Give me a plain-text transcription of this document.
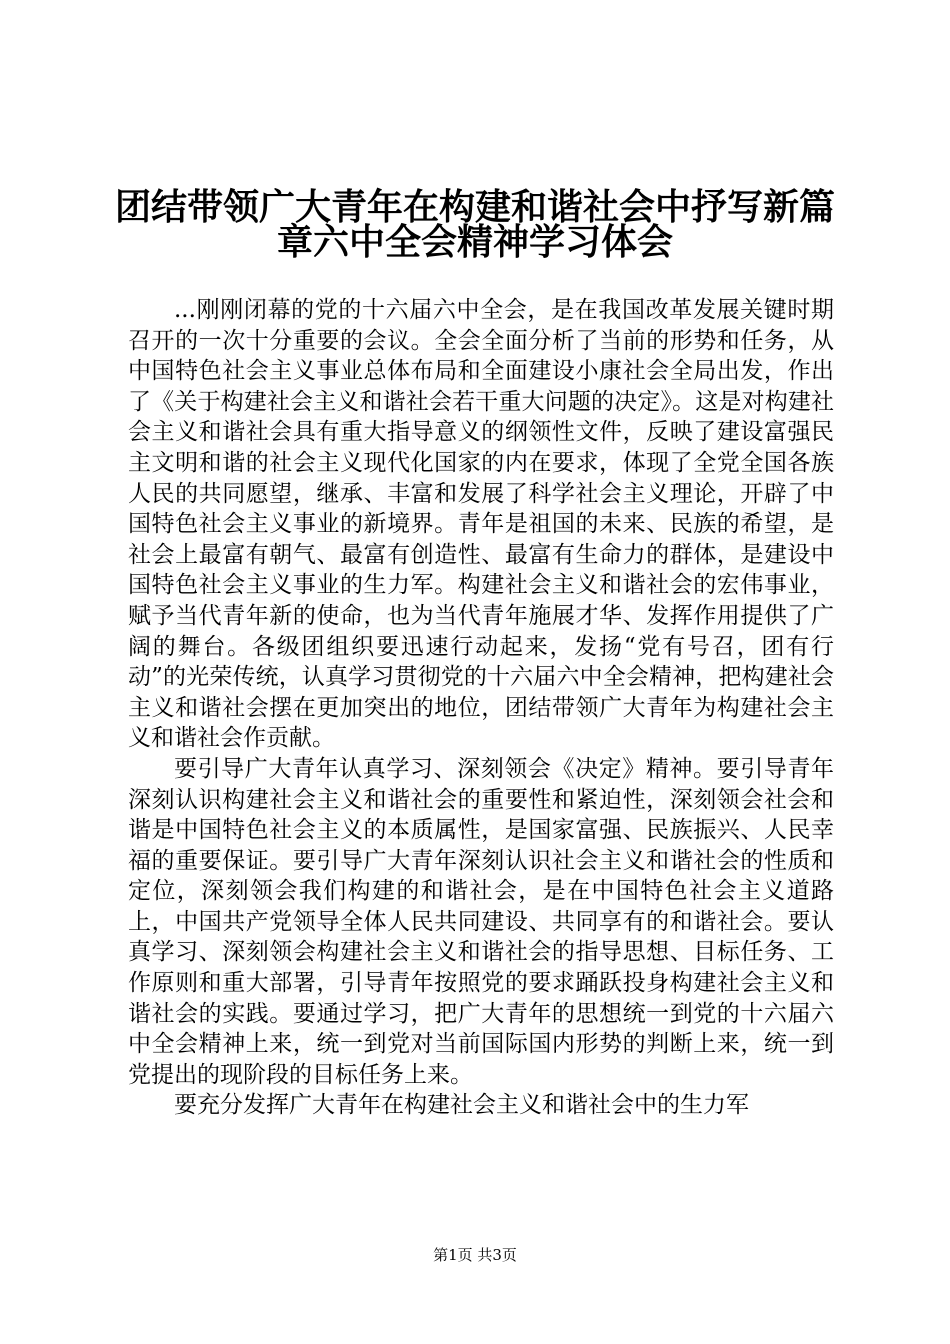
团结带领广大青年在构建和谐社会中抒写新篇
章六中全会精神学习体会

...刚刚闭幕的党的十六届六中全会，是在我国改革发展关键时期召开的一次十分重要的会议。全会全面分析了当前的形势和任务，从中国特色社会主义事业总体布局和全面建设小康社会全局出发，作出了《关于构建社会主义和谐社会若干重大问题的决定》。这是对构建社会主义和谐社会具有重大指导意义的纲领性文件，反映了建设富强民主文明和谐的社会主义现代化国家的内在要求，体现了全党全国各族人民的共同愿望，继承、丰富和发展了科学社会主义理论，开辟了中国特色社会主义事业的新境界。青年是祖国的未来、民族的希望，是社会上最富有朝气、最富有创造性、最富有生命力的群体，是建设中国特色社会主义事业的生力军。构建社会主义和谐社会的宏伟事业，赋予当代青年新的使命，也为当代青年施展才华、发挥作用提供了广阔的舞台。各级团组织要迅速行动起来，发扬“党有号召，团有行动”的光荣传统，认真学习贯彻党的十六届六中全会精神，把构建社会主义和谐社会摆在更加突出的地位，团结带领广大青年为构建社会主义和谐社会作贡献。

要引导广大青年认真学习、深刻领会《决定》精神。要引导青年深刻认识构建社会主义和谐社会的重要性和紧迫性，深刻领会社会和谐是中国特色社会主义的本质属性，是国家富强、民族振兴、人民幸福的重要保证。要引导广大青年深刻认识社会主义和谐社会的性质和定位，深刻领会我们构建的和谐社会，是在中国特色社会主义道路上，中国共产党领导全体人民共同建设、共同享有的和谐社会。要认真学习、深刻领会构建社会主义和谐社会的指导思想、目标任务、工作原则和重大部署，引导青年按照党的要求踊跃投身构建社会主义和谐社会的实践。要通过学习，把广大青年的思想统一到党的十六届六中全会精神上来，统一到党对当前国际国内形势的判断上来，统一到党提出的现阶段的目标任务上来。

要充分发挥广大青年在构建社会主义和谐社会中的生力军

第1页 共3页
